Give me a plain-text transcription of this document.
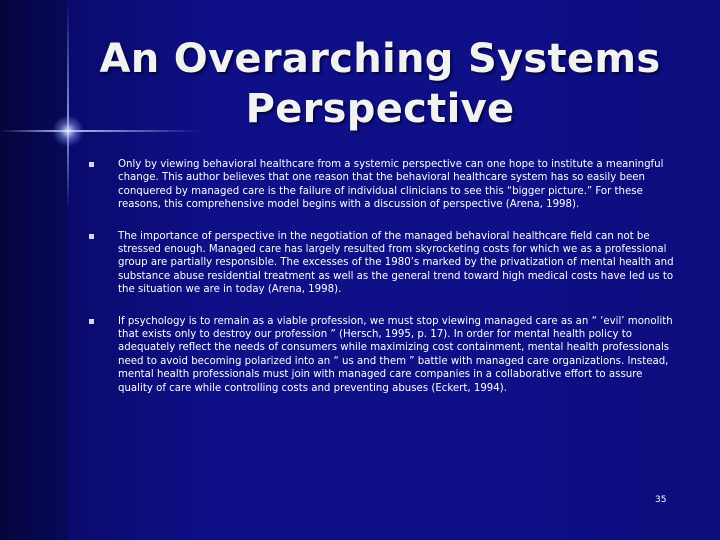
An Overarching Systems
Perspective
Only by viewing behavioral healthcare from a systemic perspective can one hope to institute a meaningful change. This author believes that one reason that the behavioral healthcare system has so easily been conquered by managed care is the failure of individual clinicians to see this “bigger picture.” For these reasons, this comprehensive model begins with a discussion of perspective (Arena, 1998).
The importance of perspective in the negotiation of the managed behavioral healthcare field can not be stressed enough. Managed care has largely resulted from skyrocketing costs for which we as a professional group are partially responsible. The excesses of the 1980’s marked by the privatization of mental health and substance abuse residential treatment as well as the general trend toward high medical costs have led us to the situation we are in today (Arena, 1998).
If psychology is to remain as a viable profession, we must stop viewing managed care as an “ ‘evil’ monolith that exists only to destroy our profession ” (Hersch, 1995, p. 17). In order for mental health policy to adequately reflect the needs of consumers while maximizing cost containment, mental health professionals need to avoid becoming polarized into an “ us and them ” battle with managed care organizations. Instead, mental health professionals must join with managed care companies in a collaborative effort to assure quality of care while controlling costs and preventing abuses (Eckert, 1994).
35
